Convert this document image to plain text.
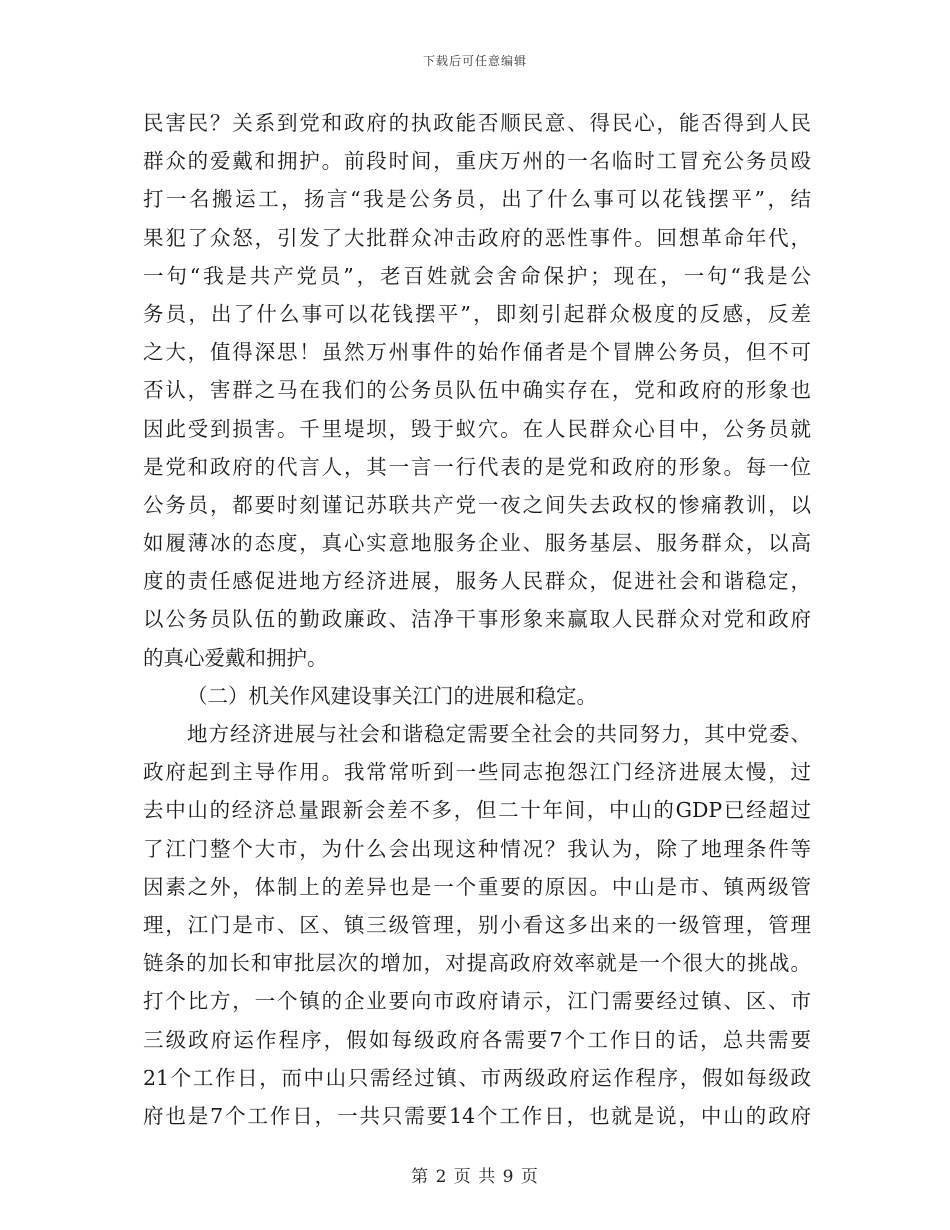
下载后可任意编辑
民害民？关系到党和政府的执政能否顺民意、得民心，能否得到人民
群众的爱戴和拥护。前段时间，重庆万州的一名临时工冒充公务员殴
打一名搬运工，扬言“我是公务员，出了什么事可以花钱摆平”，结
果犯了众怒，引发了大批群众冲击政府的恶性事件。回想革命年代，
一句“我是共产党员”，老百姓就会舍命保护；现在，一句“我是公
务员，出了什么事可以花钱摆平”，即刻引起群众极度的反感，反差
之大，值得深思！虽然万州事件的始作俑者是个冒牌公务员，但不可
否认，害群之马在我们的公务员队伍中确实存在，党和政府的形象也
因此受到损害。千里堤坝，毁于蚁穴。在人民群众心目中，公务员就
是党和政府的代言人，其一言一行代表的是党和政府的形象。每一位
公务员，都要时刻谨记苏联共产党一夜之间失去政权的惨痛教训，以
如履薄冰的态度，真心实意地服务企业、服务基层、服务群众，以高
度的责任感促进地方经济进展，服务人民群众，促进社会和谐稳定，
以公务员队伍的勤政廉政、洁净干事形象来赢取人民群众对党和政府
的真心爱戴和拥护。
（二）机关作风建设事关江门的进展和稳定。
地方经济进展与社会和谐稳定需要全社会的共同努力，其中党委、
政府起到主导作用。我常常听到一些同志抱怨江门经济进展太慢，过
去中山的经济总量跟新会差不多，但二十年间，中山的GDP已经超过
了江门整个大市，为什么会出现这种情况？我认为，除了地理条件等
因素之外，体制上的差异也是一个重要的原因。中山是市、镇两级管
理，江门是市、区、镇三级管理，别小看这多出来的一级管理，管理
链条的加长和审批层次的增加，对提高政府效率就是一个很大的挑战。
打个比方，一个镇的企业要向市政府请示，江门需要经过镇、区、市
三级政府运作程序，假如每级政府各需要7个工作日的话，总共需要
21个工作日，而中山只需经过镇、市两级政府运作程序，假如每级政
府也是7个工作日，一共只需要14个工作日，也就是说，中山的政府
第 2 页 共 9 页
